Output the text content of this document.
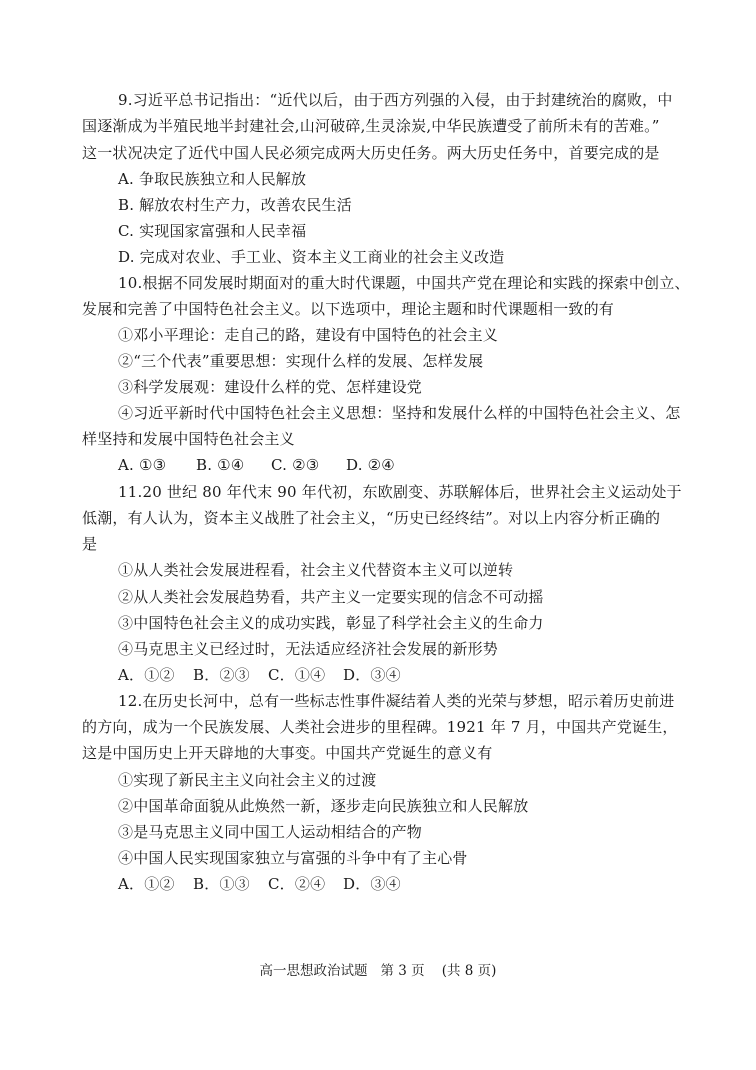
9.习近平总书记指出：“近代以后，由于西方列强的入侵，由于封建统治的腐败，中
国逐渐成为半殖民地半封建社会,山河破碎,生灵涂炭,中华民族遭受了前所未有的苦难。”
这一状况决定了近代中国人民必须完成两大历史任务。两大历史任务中，首要完成的是
A. 争取民族独立和人民解放
B. 解放农村生产力，改善农民生活
C. 实现国家富强和人民幸福
D. 完成对农业、手工业、资本主义工商业的社会主义改造
10.根据不同发展时期面对的重大时代课题，中国共产党在理论和实践的探索中创立、
发展和完善了中国特色社会主义。以下选项中，理论主题和时代课题相一致的有
①邓小平理论：走自己的路，建设有中国特色的社会主义
②“三个代表”重要思想：实现什么样的发展、怎样发展
③科学发展观：建设什么样的党、怎样建设党
④习近平新时代中国特色社会主义思想：坚持和发展什么样的中国特色社会主义、怎
样坚持和发展中国特色社会主义
A. ①③ B. ①④ C. ②③ D. ②④
11.20 世纪 80 年代末 90 年代初，东欧剧变、苏联解体后，世界社会主义运动处于
低潮，有人认为，资本主义战胜了社会主义，“历史已经终结”。对以上内容分析正确的
是
①从人类社会发展进程看，社会主义代替资本主义可以逆转
②从人类社会发展趋势看，共产主义一定要实现的信念不可动摇
③中国特色社会主义的成功实践，彰显了科学社会主义的生命力
④马克思主义已经过时，无法适应经济社会发展的新形势
A．①② B．②③ C．①④ D．③④
12.在历史长河中，总有一些标志性事件凝结着人类的光荣与梦想，昭示着历史前进
的方向，成为一个民族发展、人类社会进步的里程碑。1921 年 7 月，中国共产党诞生，
这是中国历史上开天辟地的大事变。中国共产党诞生的意义有
①实现了新民主主义向社会主义的过渡
②中国革命面貌从此焕然一新，逐步走向民族独立和人民解放
③是马克思主义同中国工人运动相结合的产物
④中国人民实现国家独立与富强的斗争中有了主心骨
A．①② B．①③ C．②④ D．③④
高一思想政治试题   第 3 页    (共 8 页)
